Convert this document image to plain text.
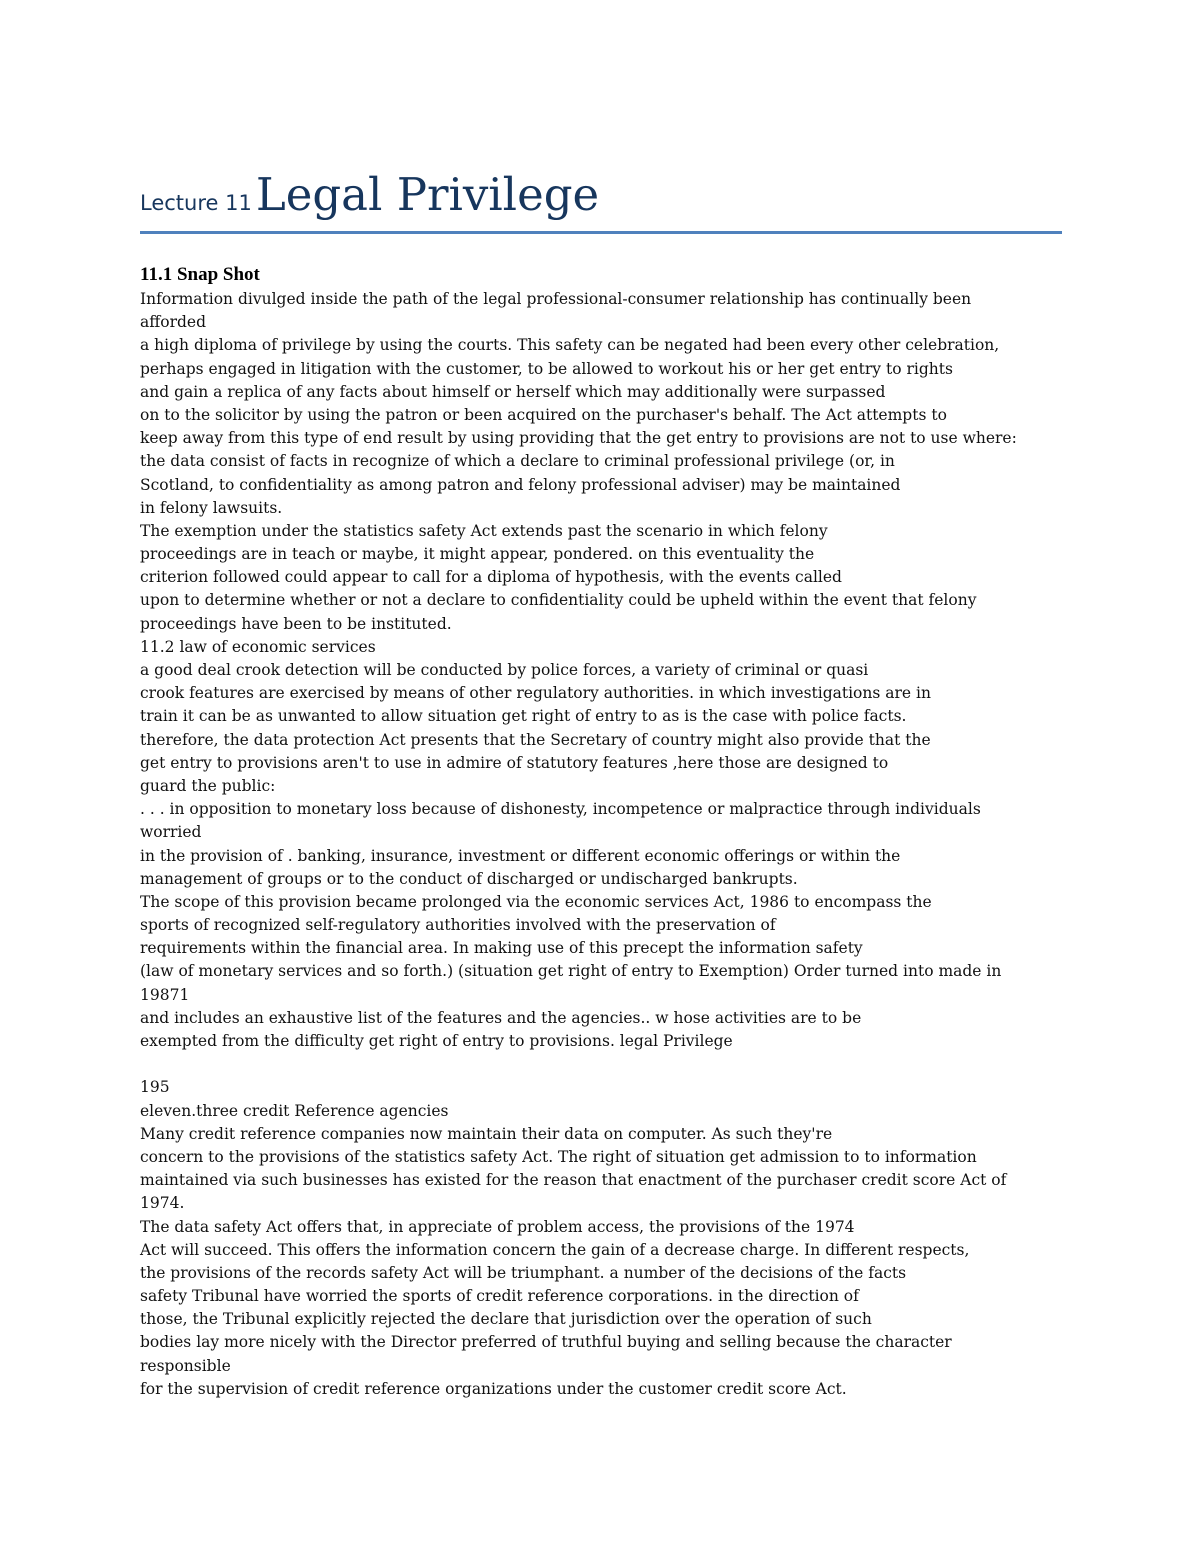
Lecture 11Legal Privilege
11.1 Snap Shot
Information divulged inside the path of the legal professional-consumer relationship has continually been
afforded
a high diploma of privilege by using the courts. This safety can be negated had been every other celebration,
perhaps engaged in litigation with the customer, to be allowed to workout his or her get entry to rights
and gain a replica of any facts about himself or herself which may additionally were surpassed
on to the solicitor by using the patron or been acquired on the purchaser's behalf. The Act attempts to
keep away from this type of end result by using providing that the get entry to provisions are not to use where:
the data consist of facts in recognize of which a declare to criminal professional privilege (or, in
Scotland, to confidentiality as among patron and felony professional adviser) may be maintained
in felony lawsuits.
The exemption under the statistics safety Act extends past the scenario in which felony
proceedings are in teach or maybe, it might appear, pondered. on this eventuality the
criterion followed could appear to call for a diploma of hypothesis, with the events called
upon to determine whether or not a declare to confidentiality could be upheld within the event that felony
proceedings have been to be instituted.
11.2 law of economic services
a good deal crook detection will be conducted by police forces, a variety of criminal or quasi
crook features are exercised by means of other regulatory authorities. in which investigations are in
train it can be as unwanted to allow situation get right of entry to as is the case with police facts.
therefore, the data protection Act presents that the Secretary of country might also provide that the
get entry to provisions aren't to use in admire of statutory features ,here those are designed to
guard the public:
. . . in opposition to monetary loss because of dishonesty, incompetence or malpractice through individuals
worried
in the provision of . banking, insurance, investment or different economic offerings or within the
management of groups or to the conduct of discharged or undischarged bankrupts.
The scope of this provision became prolonged via the economic services Act, 1986 to encompass the
sports of recognized self-regulatory authorities involved with the preservation of
requirements within the financial area. In making use of this precept the information safety
(law of monetary services and so forth.) (situation get right of entry to Exemption) Order turned into made in
19871
and includes an exhaustive list of the features and the agencies.. w hose activities are to be
exempted from the difficulty get right of entry to provisions. legal Privilege
195
eleven.three credit Reference agencies
Many credit reference companies now maintain their data on computer. As such they're
concern to the provisions of the statistics safety Act. The right of situation get admission to to information
maintained via such businesses has existed for the reason that enactment of the purchaser credit score Act of
1974.
The data safety Act offers that, in appreciate of problem access, the provisions of the 1974
Act will succeed. This offers the information concern the gain of a decrease charge. In different respects,
the provisions of the records safety Act will be triumphant. a number of the decisions of the facts
safety Tribunal have worried the sports of credit reference corporations. in the direction of
those, the Tribunal explicitly rejected the declare that jurisdiction over the operation of such
bodies lay more nicely with the Director preferred of truthful buying and selling because the character
responsible
for the supervision of credit reference organizations under the customer credit score Act.
